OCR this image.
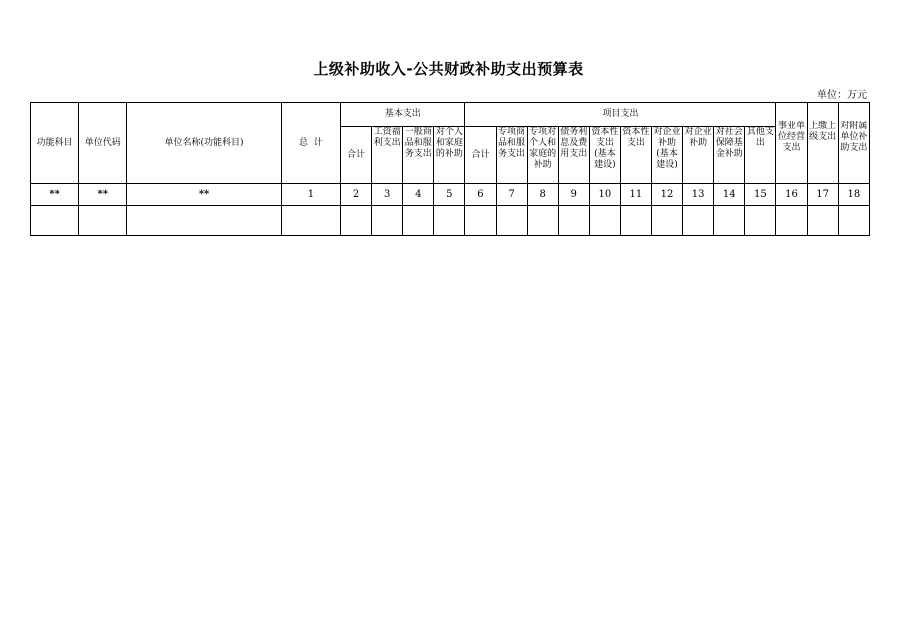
上级补助收入-公共财政补助支出预算表
单位：万元
功能科目	单位代码	单位名称(功能科目)	总  计	基本支出				项目支出										事业单位经营支出	上缴上级支出	对附属单位补助支出

				合计	工资福利支出	一般商品和服务支出	对个人和家庭的补助	合计	专项商品和服务支出	专项对个人和家庭的补助	债务利息及费用支出	资本性支出(基本建设)	资本性支出	对企业补助(基本建设)	对企业补助	对社会保障基金补助	其他支出			

**	**	**	1	2	3	4	5	6	7	8	9	10	11	12	13	14	15	16	17	18
